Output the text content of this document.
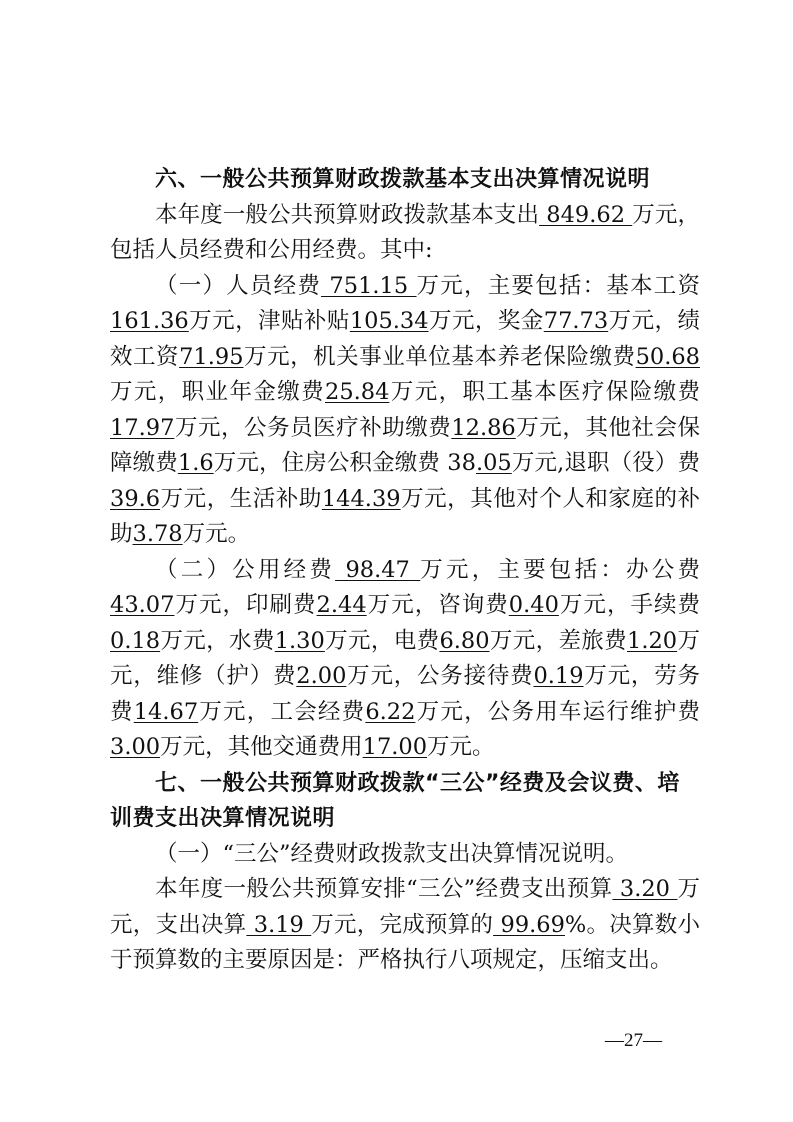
六、一般公共预算财政拨款基本支出决算情况说明

本年度一般公共预算财政拨款基本支出 849.62 万元，包括人员经费和公用经费。其中:

（一）人员经费 751.15 万元，主要包括：基本工资161.36万元，津贴补贴105.34万元，奖金77.73万元，绩效工资71.95万元，机关事业单位基本养老保险缴费50.68万元，职业年金缴费25.84万元，职工基本医疗保险缴费17.97万元，公务员医疗补助缴费12.86万元，其他社会保障缴费1.6万元，住房公积金缴费 38.05万元,退职（役）费39.6万元，生活补助144.39万元，其他对个人和家庭的补助3.78万元。

（二）公用经费 98.47 万元，主要包括：办公费43.07万元，印刷费2.44万元，咨询费0.40万元，手续费0.18万元，水费1.30万元，电费6.80万元，差旅费1.20万元，维修（护）费2.00万元，公务接待费0.19万元，劳务费14.67万元，工会经费6.22万元，公务用车运行维护费3.00万元，其他交通费用17.00万元。

七、一般公共预算财政拨款“三公”经费及会议费、培训费支出决算情况说明

（一）“三公”经费财政拨款支出决算情况说明。

本年度一般公共预算安排“三公”经费支出预算 3.20 万元，支出决算 3.19 万元，完成预算的 99.69%。决算数小于预算数的主要原因是：严格执行八项规定，压缩支出。

—27—
